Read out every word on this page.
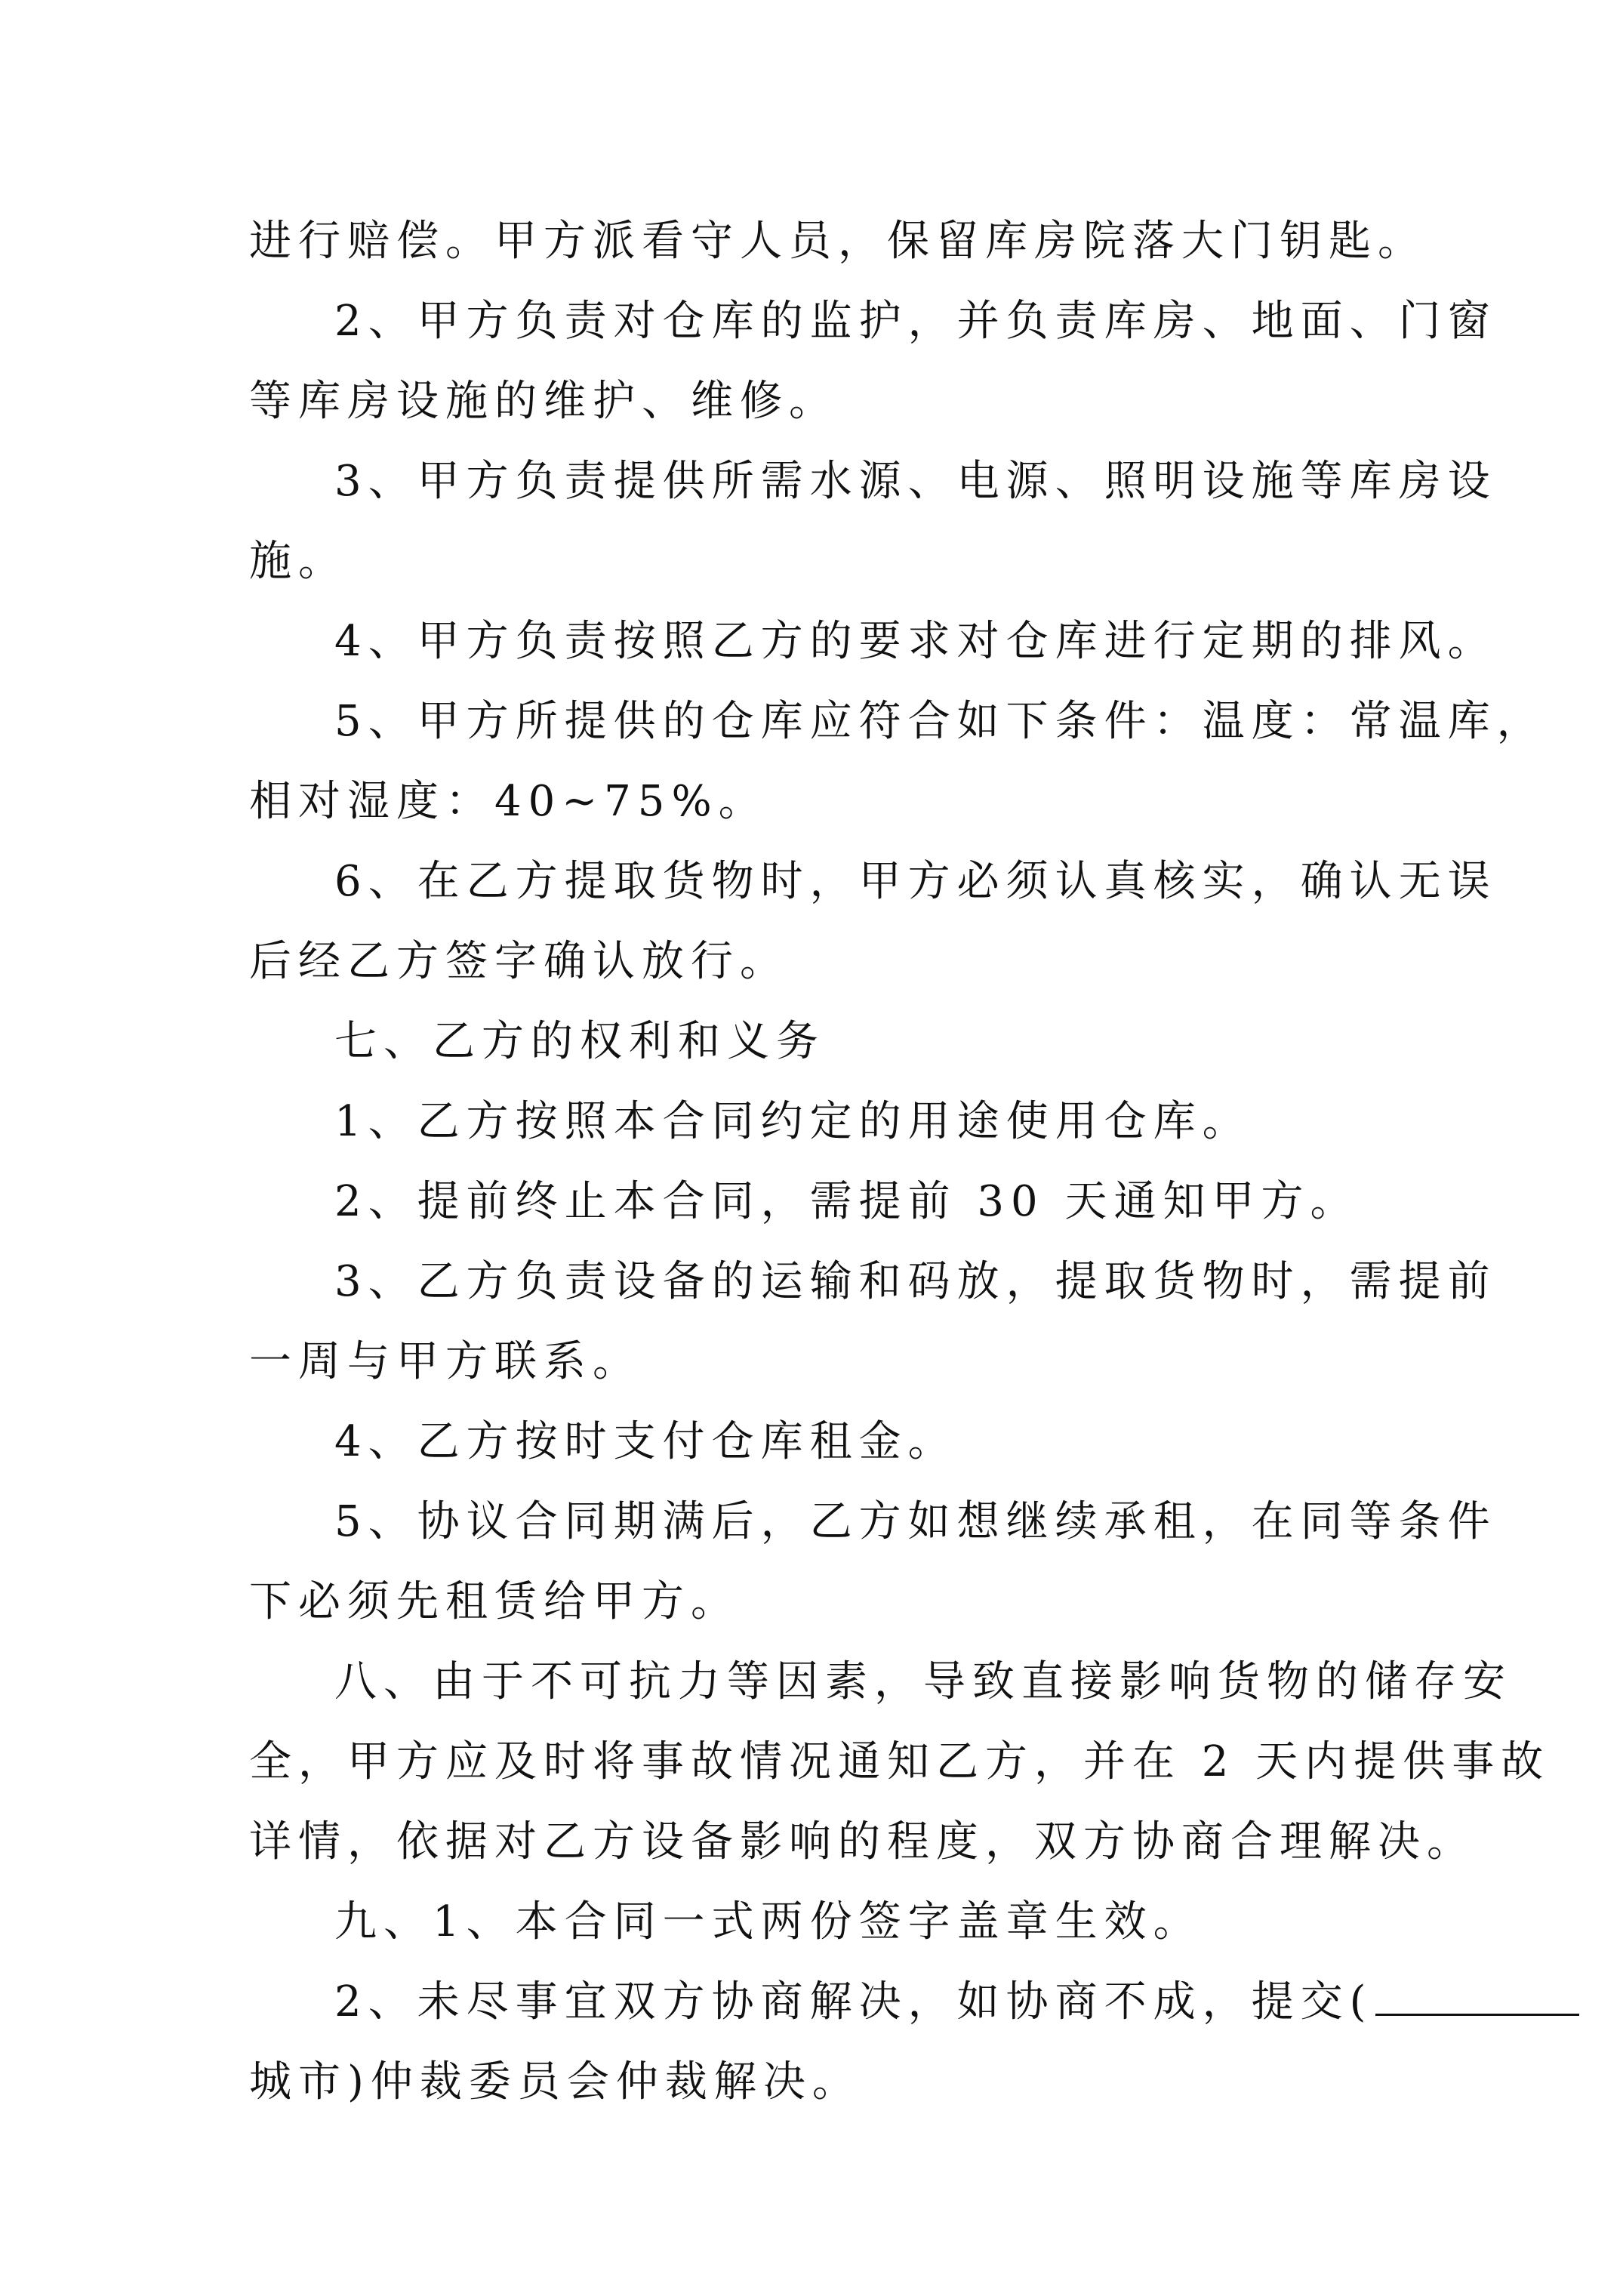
进行赔偿。甲方派看守人员，保留库房院落大门钥匙。
2、甲方负责对仓库的监护，并负责库房、地面、门窗
等库房设施的维护、维修。
3、甲方负责提供所需水源、电源、照明设施等库房设
施。
4、甲方负责按照乙方的要求对仓库进行定期的排风。
5、甲方所提供的仓库应符合如下条件：温度：常温库，
相对湿度：40~75%。
6、在乙方提取货物时，甲方必须认真核实，确认无误
后经乙方签字确认放行。
七、乙方的权利和义务
1、乙方按照本合同约定的用途使用仓库。
2、提前终止本合同，需提前 30 天通知甲方。
3、乙方负责设备的运输和码放，提取货物时，需提前
一周与甲方联系。
4、乙方按时支付仓库租金。
5、协议合同期满后，乙方如想继续承租，在同等条件
下必须先租赁给甲方。
八、由于不可抗力等因素，导致直接影响货物的储存安
全，甲方应及时将事故情况通知乙方，并在 2 天内提供事故
详情，依据对乙方设备影响的程度，双方协商合理解决。
九、1、本合同一式两份签字盖章生效。
2、未尽事宜双方协商解决，如协商不成，提交(
城市)仲裁委员会仲裁解决。
